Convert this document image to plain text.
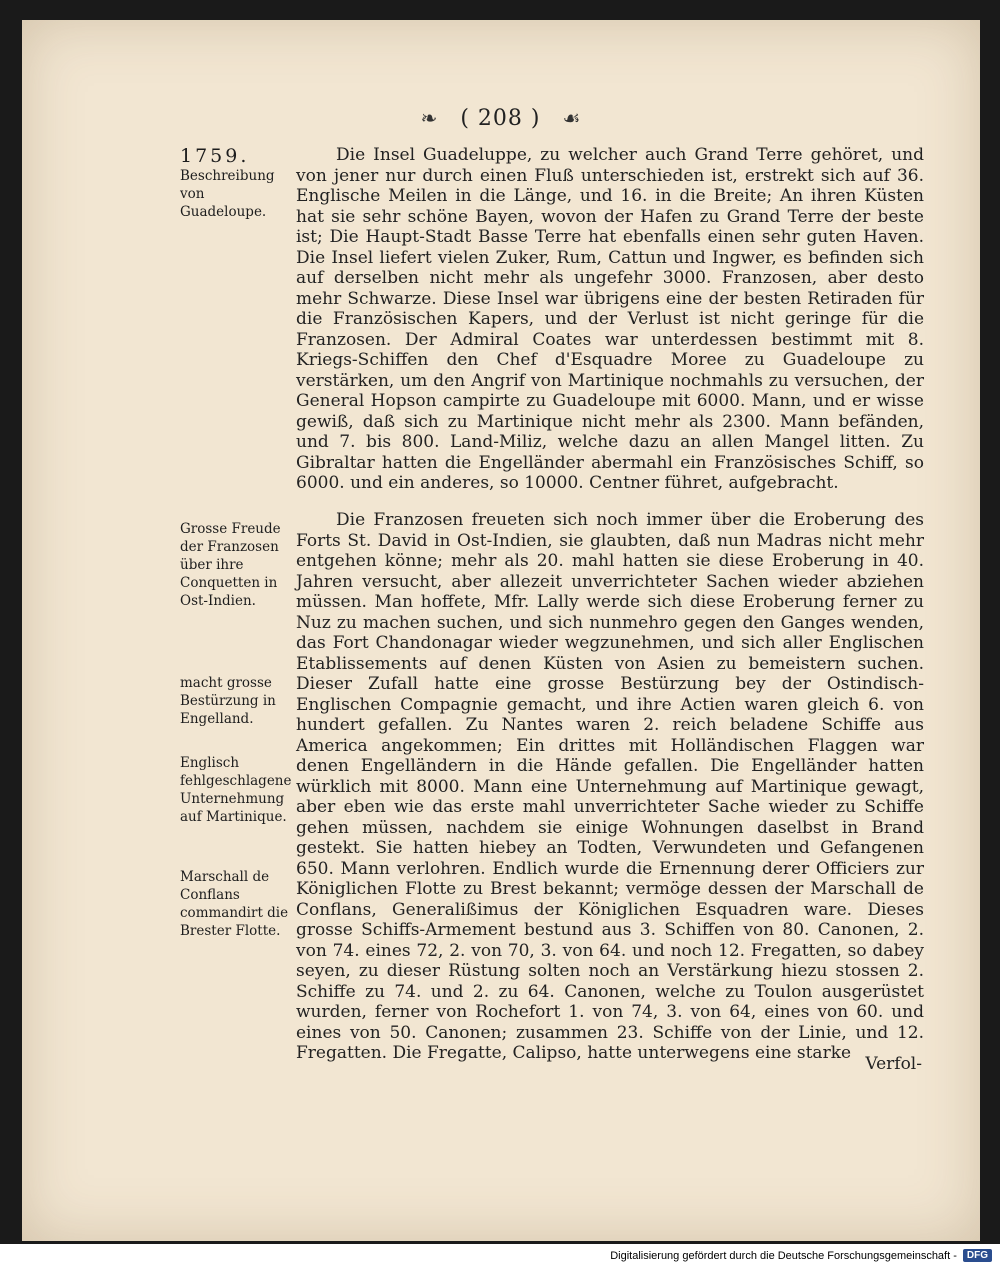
❧ ( 208 ) ☙
1759.
Beschreibung von Guadeloupe.
Grosse Freude der Franzosen über ihre Conquetten in Ost-Indien.
macht grosse Bestürzung in Engelland.
Englisch fehlgeschlagene Unternehmung auf Martinique.
Marschall de Conflans commandirt die Brester Flotte.

Die Insel Guadeluppe, zu welcher auch Grand Terre gehöret, und von jener nur durch einen Fluß unterschieden ist, erstrekt sich auf 36. Englische Meilen in die Länge, und 16. in die Breite; An ihren Küsten hat sie sehr schöne Bayen, wovon der Hafen zu Grand Terre der beste ist; Die Haupt-Stadt Basse Terre hat ebenfalls einen sehr guten Haven. Die Insel liefert vielen Zuker, Rum, Cattun und Ingwer, es befinden sich auf derselben nicht mehr als ungefehr 3000. Franzosen, aber desto mehr Schwarze. Diese Insel war übrigens eine der besten Retiraden für die Französischen Kapers, und der Verlust ist nicht geringe für die Franzosen. Der Admiral Coates war unterdessen bestimmt mit 8. Kriegs-Schiffen den Chef d'Esquadre Moree zu Guadeloupe zu verstärken, um den Angrif von Martinique nochmahls zu versuchen, der General Hopson campirte zu Guadeloupe mit 6000. Mann, und er wisse gewiß, daß sich zu Martinique nicht mehr als 2300. Mann befänden, und 7. bis 800. Land-Miliz, welche dazu an allen Mangel litten. Zu Gibraltar hatten die Engelländer abermahl ein Französisches Schiff, so 6000. und ein anderes, so 10000. Centner führet, aufgebracht.

Die Franzosen freueten sich noch immer über die Eroberung des Forts St. David in Ost-Indien, sie glaubten, daß nun Madras nicht mehr entgehen könne; mehr als 20. mahl hatten sie diese Eroberung in 40. Jahren versucht, aber allezeit unverrichteter Sachen wieder abziehen müssen. Man hoffete, Mfr. Lally werde sich diese Eroberung ferner zu Nuz zu machen suchen, und sich nunmehro gegen den Ganges wenden, das Fort Chandonagar wieder wegzunehmen, und sich aller Englischen Etablissements auf denen Küsten von Asien zu bemeistern suchen. Dieser Zufall hatte eine grosse Bestürzung bey der Ostindisch-Englischen Compagnie gemacht, und ihre Actien waren gleich 6. von hundert gefallen. Zu Nantes waren 2. reich beladene Schiffe aus America angekommen; Ein drittes mit Holländischen Flaggen war denen Engelländern in die Hände gefallen. Die Engelländer hatten würklich mit 8000. Mann eine Unternehmung auf Martinique gewagt, aber eben wie das erste mahl unverrichteter Sache wieder zu Schiffe gehen müssen, nachdem sie einige Wohnungen daselbst in Brand gestekt. Sie hatten hiebey an Todten, Verwundeten und Gefangenen 650. Mann verlohren. Endlich wurde die Ernennung derer Officiers zur Königlichen Flotte zu Brest bekannt; vermöge dessen der Marschall de Conflans, Generalißimus der Königlichen Esquadren ware. Dieses grosse Schiffs-Armement bestund aus 3. Schiffen von 80. Canonen, 2. von 74. eines 72, 2. von 70, 3. von 64. und noch 12. Fregatten, so dabey seyen, zu dieser Rüstung solten noch an Verstärkung hiezu stossen 2. Schiffe zu 74. und 2. zu 64. Canonen, welche zu Toulon ausgerüstet wurden, ferner von Rochefort 1. von 74, 3. von 64, eines von 60. und eines von 50. Canonen; zusammen 23. Schiffe von der Linie, und 12. Fregatten. Die Fregatte, Calipso, hatte unterwegens eine starke

Verfol-
Digitalisierung gefördert durch die Deutsche Forschungsgemeinschaft -	DFG
